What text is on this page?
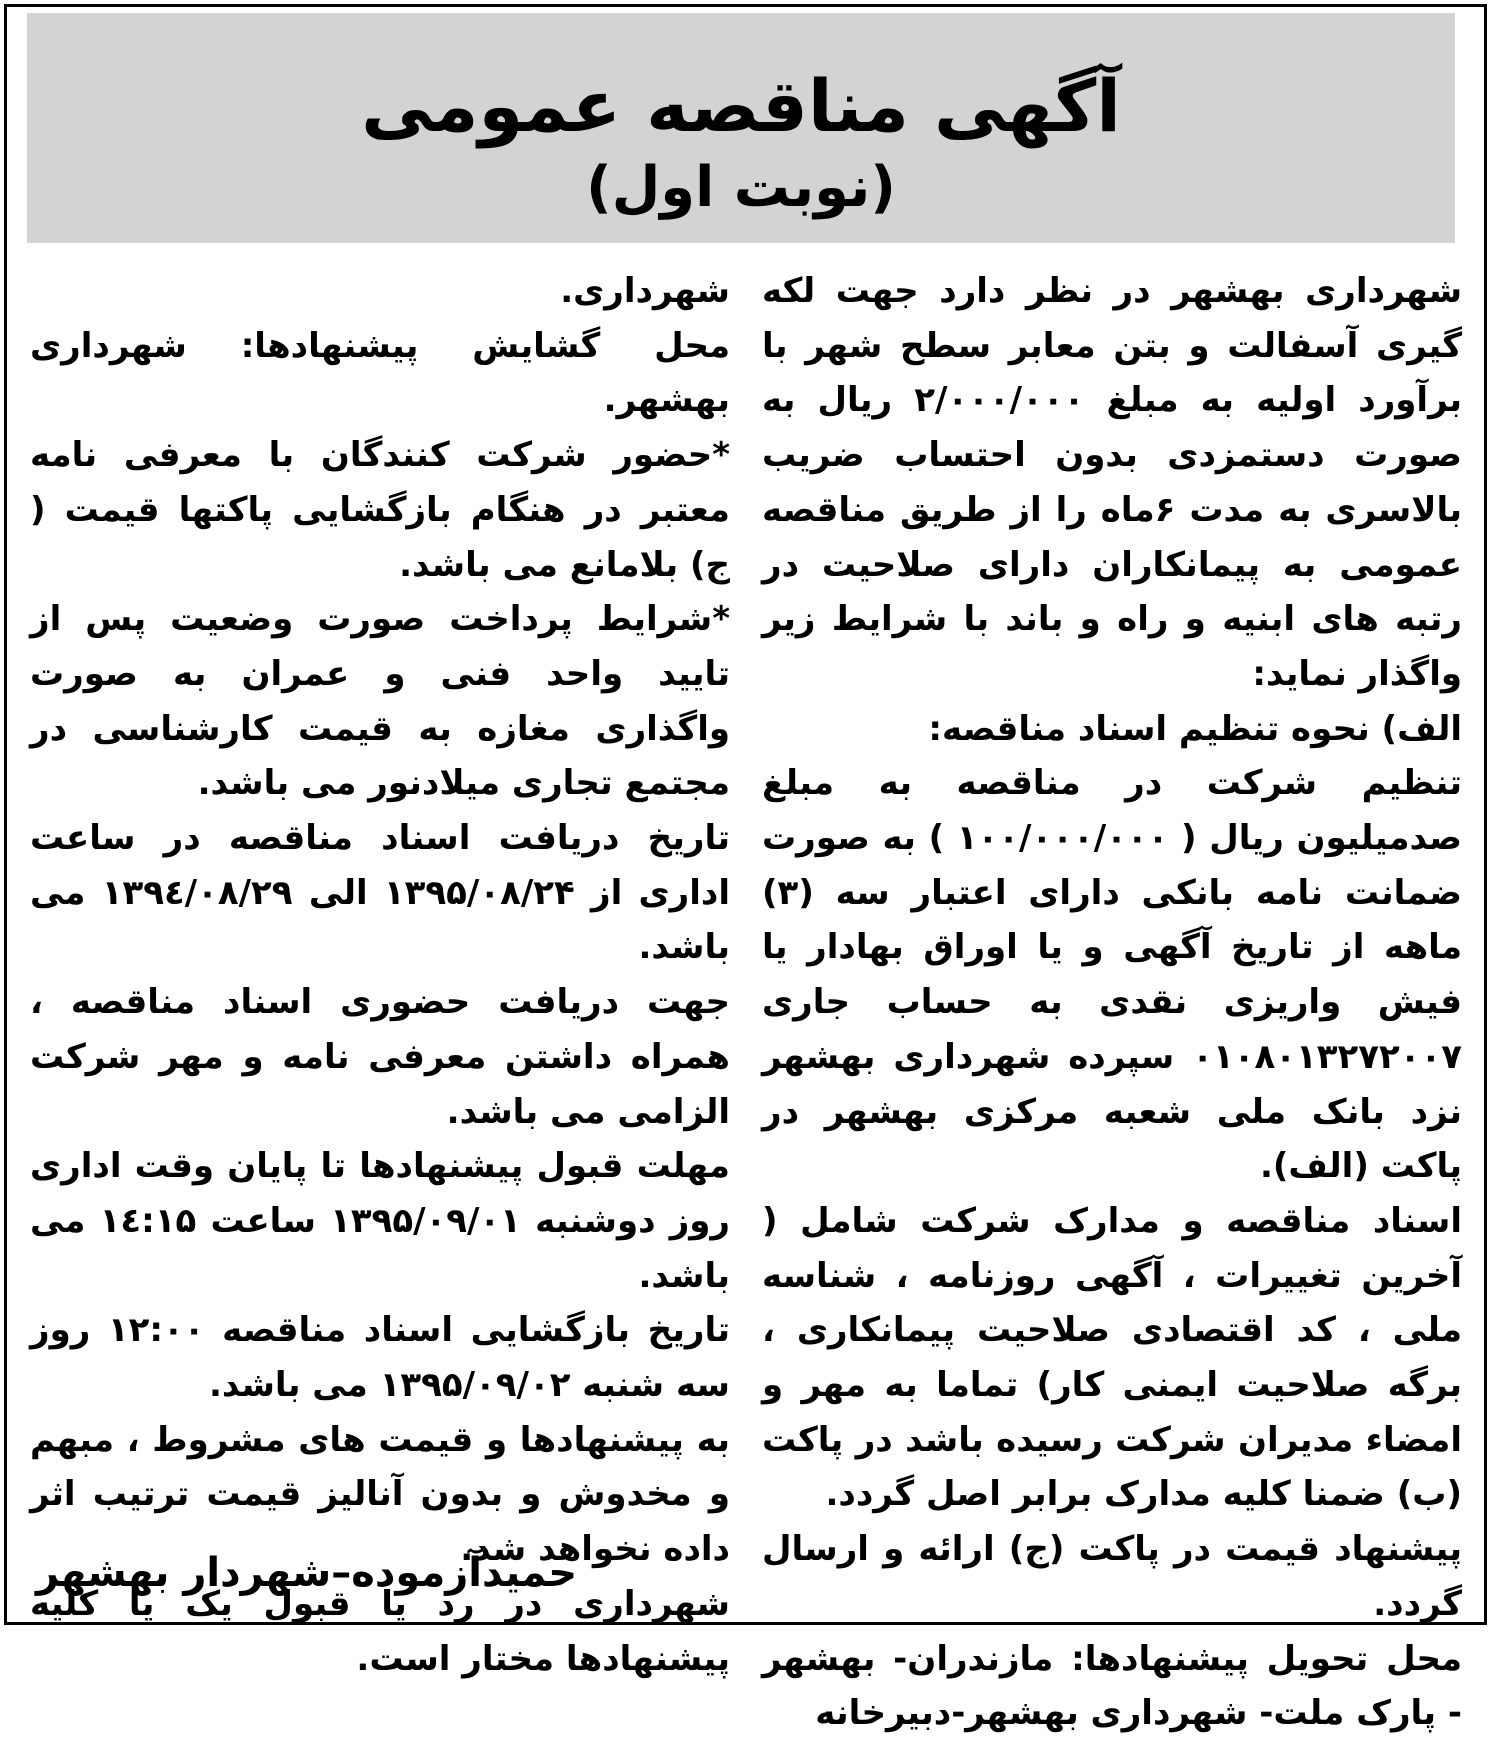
آگهی مناقصه عمومی
(نوبت اول)

شهرداری بهشهر در نظر دارد جهت لکه گیری آسفالت و بتن معابر سطح شهر با برآورد اولیه به مبلغ ۲/۰۰۰/۰۰۰ ریال به صورت دستمزدی بدون احتساب ضریب بالاسری به مدت ۶ماه را از طریق مناقصه عمومی به پیمانکاران دارای صلاحیت در رتبه های ابنیه و راه و باند با شرایط زیر واگذار نماید:

الف) نحوه تنظیم اسناد مناقصه:

تنظیم شرکت در مناقصه به مبلغ صدمیلیون ریال ( ۱۰۰/۰۰۰/۰۰۰ ) به صورت ضمانت نامه بانکی دارای اعتبار سه (۳) ماهه از تاریخ آگهی و یا اوراق بهادار یا فیش واریزی نقدی به حساب جاری ۰۱۰۸۰۱۳۲۷۲۰۰۷ سپرده شهرداری بهشهر نزد بانک ملی شعبه مرکزی بهشهر در پاکت (الف).

اسناد مناقصه و مدارک شرکت شامل ( آخرین تغییرات ، آگهی روزنامه ، شناسه ملی ، کد اقتصادی صلاحیت پیمانکاری ، برگه صلاحیت ایمنی کار) تماما به مهر و امضاء مدیران شرکت رسیده باشد در پاکت (ب) ضمنا کلیه مدارک برابر اصل گردد.

پیشنهاد قیمت در پاکت (ج) ارائه و ارسال گردد.

محل تحویل پیشنهادها: مازندران- بهشهر - پارک ملت- شهرداری بهشهر-دبیرخانه

شهرداری.

محل گشایش پیشنهادها: شهرداری بهشهر.

*حضور شرکت کنندگان با معرفی نامه معتبر در هنگام بازگشایی پاکتها قیمت ( ج) بلامانع می باشد.

*شرایط پرداخت صورت وضعیت پس از تایید واحد فنی و عمران به صورت واگذاری مغازه به قیمت کارشناسی در مجتمع تجاری میلادنور می باشد.

تاریخ دریافت اسناد مناقصه در ساعت اداری از ۱۳۹۵/۰۸/۲۴ الی ۱۳۹٤/۰۸/۲۹ می باشد.

جهت دریافت حضوری اسناد مناقصه ، همراه داشتن معرفی نامه و مهر شرکت الزامی می باشد.

مهلت قبول پیشنهادها تا پایان وقت اداری روز دوشنبه ۱۳۹۵/۰۹/۰۱ ساعت ۱٤:۱۵ می باشد.

تاریخ بازگشایی اسناد مناقصه ۱۲:۰۰ روز سه شنبه ۱۳۹۵/۰۹/۰۲ می باشد.

به پیشنهادها و قیمت های مشروط ، مبهم و مخدوش و بدون آنالیز قیمت ترتیب اثر داده نخواهد شد.

شهرداری در رد یا قبول یک یا کلیه پیشنهادها مختار است.

حمیدآزموده–شهردار بهشهر
